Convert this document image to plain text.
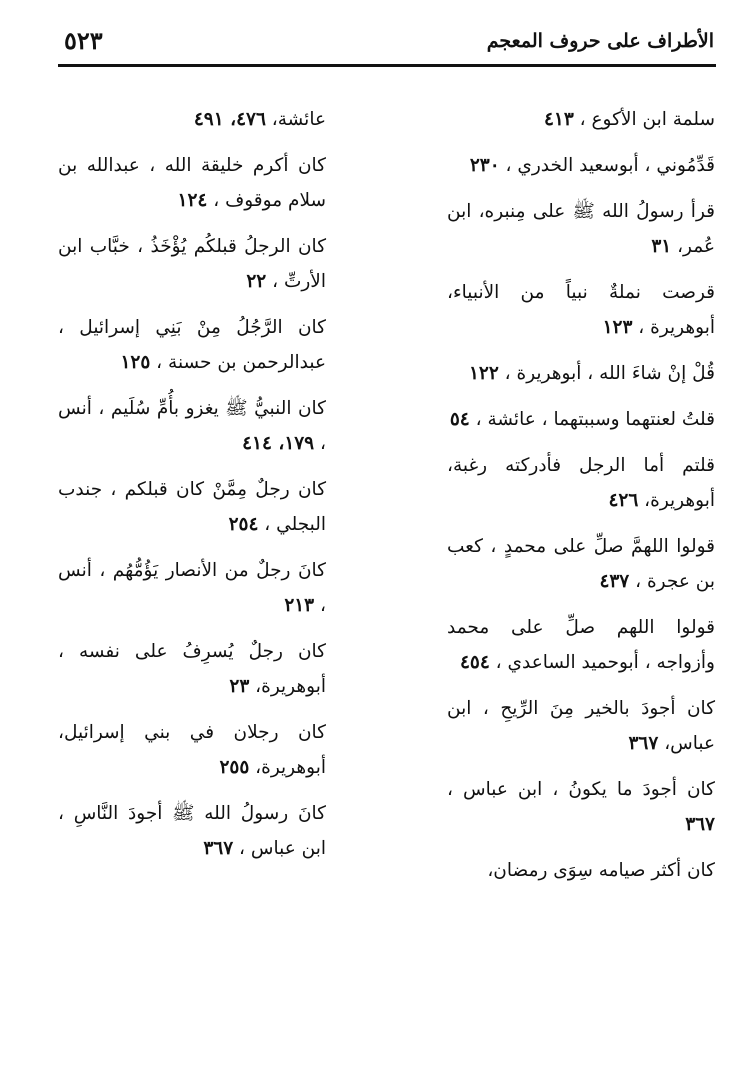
٥٢٣	الأطراف على حروف المعجم

سلمة ابن الأكوع ، ٤١٣

قَدِّمُوني ، أبوسعيد الخدري ، ٢٣٠

قرأ رسولُ الله ﷺ على مِنبره، ابن عُمر، ٣١

قرصت نملةٌ نبياً من الأنبياء، أبوهريرة ، ١٢٣

قُلْ إنْ شاءَ الله ، أبوهريرة ، ١٢٢

قلتُ لعنتهما وسببتهما ، عائشة ، ٥٤

قلتم أما الرجل فأدركته رغبة، أبوهريرة، ٤٢٦

قولوا اللهمَّ صلِّ على محمدٍ ، كعب بن عجرة ، ٤٣٧

قولوا اللهم صلِّ على محمد وأزواجه ، أبوحميد الساعدي ، ٤٥٤

كان أجودَ بالخير مِنَ الرِّيحِ ، ابن عباس، ٣٦٧

كان أجودَ ما يكونُ ، ابن عباس ، ٣٦٧

كان أكثر صيامه سِوَى رمضان،

عائشة، ٤٧٦، ٤٩١

كان أكرم خليقة الله ، عبدالله بن سلام موقوف ، ١٢٤

كان الرجلُ قبلكُم يُؤْخَذُ ، خبَّاب ابن الأرتِّ ، ٢٢

كان الرَّجُلُ مِنْ بَنِي إسرائيل ، عبدالرحمن بن حسنة ، ١٢٥

كان النبيُّ ﷺ يغزو بأُمِّ سُلَيم ، أنس ، ١٧٩، ٤١٤

كان رجلٌ مِمَّنْ كان قبلكم ، جندب البجلي ، ٢٥٤

كانَ رجلٌ من الأنصار يَؤُمُّهُم ، أنس ، ٢١٣

كان رجلٌ يُسرِفُ على نفسه ، أبوهريرة، ٢٣

كان رجلان في بني إسرائيل، أبوهريرة، ٢٥٥

كانَ رسولُ الله ﷺ أجودَ النَّاسِ ، ابن عباس ، ٣٦٧
